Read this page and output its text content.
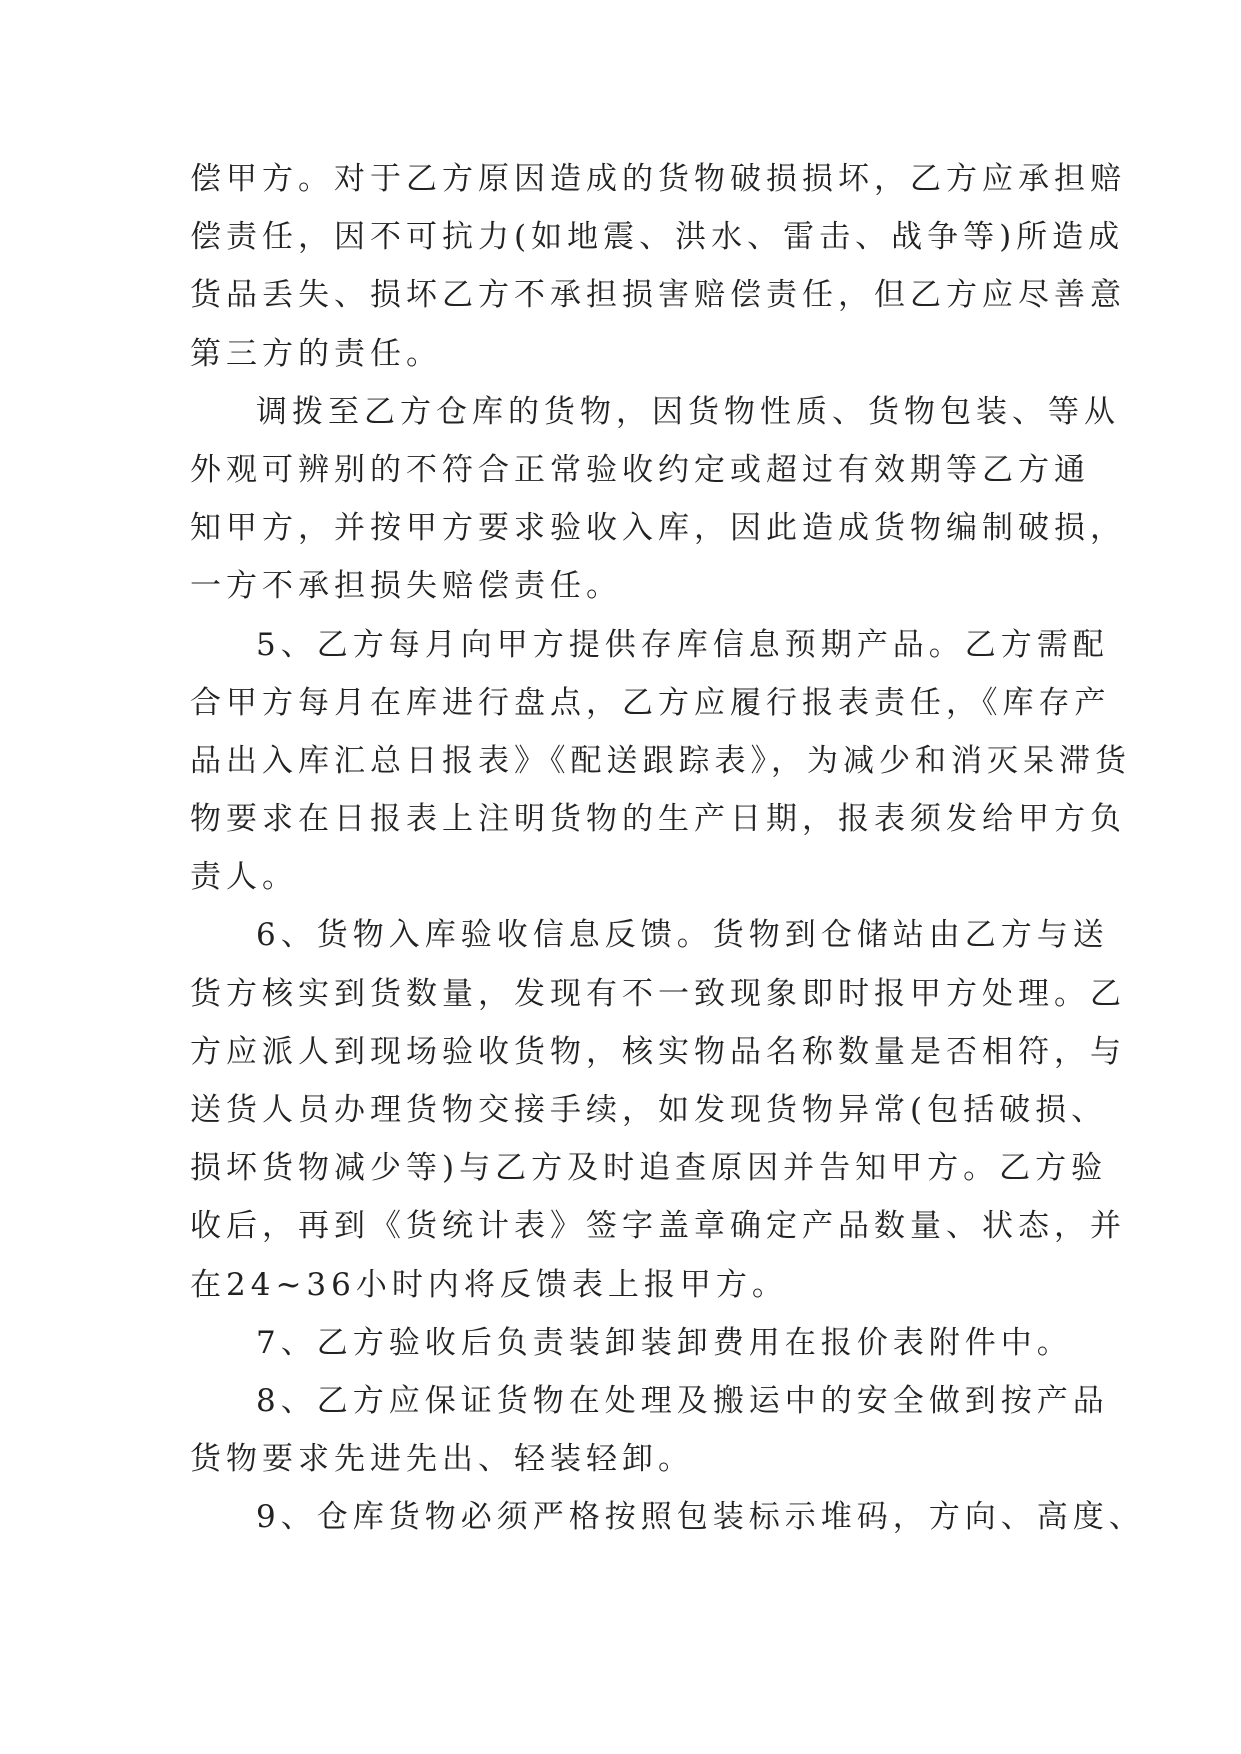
偿甲方。对于乙方原因造成的货物破损损坏，乙方应承担赔
偿责任，因不可抗力(如地震、洪水、雷击、战争等)所造成
货品丢失、损坏乙方不承担损害赔偿责任，但乙方应尽善意
第三方的责任。
调拨至乙方仓库的货物，因货物性质、货物包装、等从
外观可辨别的不符合正常验收约定或超过有效期等乙方通
知甲方，并按甲方要求验收入库，因此造成货物编制破损，
一方不承担损失赔偿责任。
5、乙方每月向甲方提供存库信息预期产品。乙方需配
合甲方每月在库进行盘点，乙方应履行报表责任，《库存产
品出入库汇总日报表》《配送跟踪表》，为减少和消灭呆滞货
物要求在日报表上注明货物的生产日期，报表须发给甲方负
责人。
6、货物入库验收信息反馈。货物到仓储站由乙方与送
货方核实到货数量，发现有不一致现象即时报甲方处理。乙
方应派人到现场验收货物，核实物品名称数量是否相符，与
送货人员办理货物交接手续，如发现货物异常(包括破损、
损坏货物减少等)与乙方及时追查原因并告知甲方。乙方验
收后，再到《货统计表》签字盖章确定产品数量、状态，并
在24~36小时内将反馈表上报甲方。
7、乙方验收后负责装卸装卸费用在报价表附件中。
8、乙方应保证货物在处理及搬运中的安全做到按产品
货物要求先进先出、轻装轻卸。
9、仓库货物必须严格按照包装标示堆码，方向、高度、
